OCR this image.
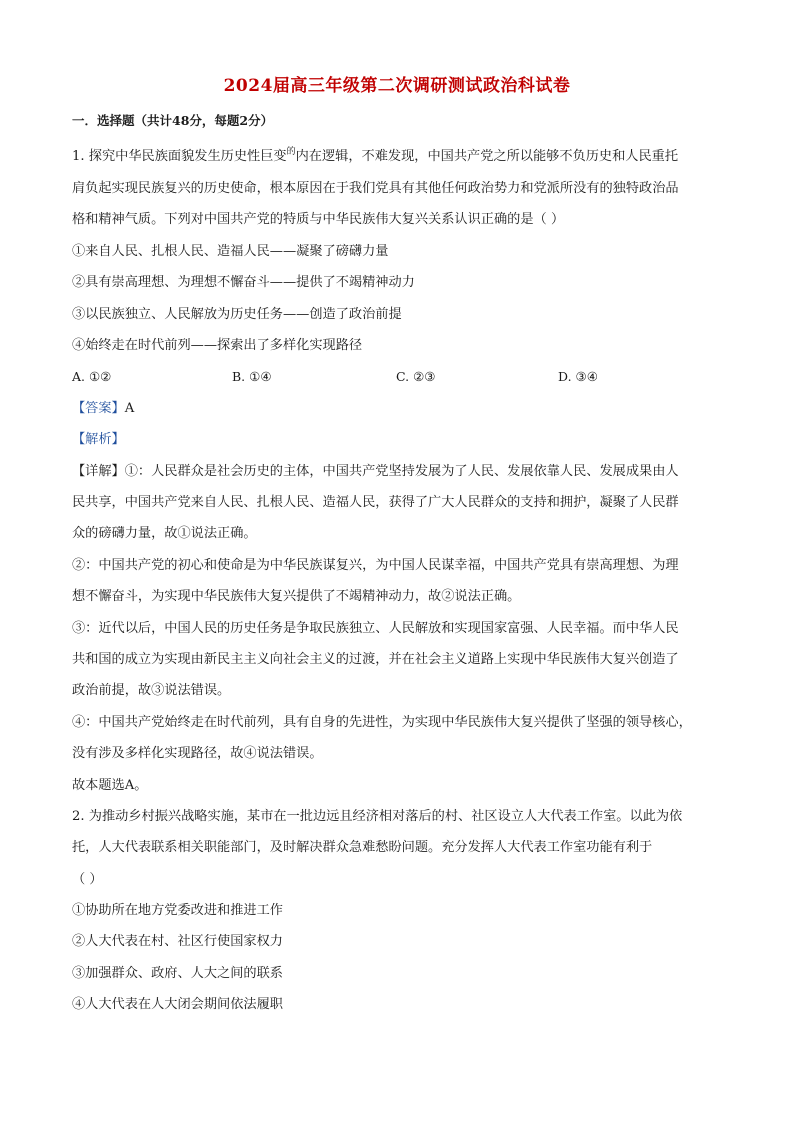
2024届高三年级第二次调研测试政治科试卷
一．选择题（共计48分，每题2分）
1. 探究中华民族面貌发生历史性巨变$^的$内在逻辑，不难发现，中国共产党之所以能够不负历史和人民重托
肩负起实现民族复兴的历史使命，根本原因在于我们党具有其他任何政治势力和党派所没有的独特政治品
格和精神气质。下列对中国共产党的特质与中华民族伟大复兴关系认识正确的是（ ）
①来自人民、扎根人民、造福人民——凝聚了磅礴力量
②具有崇高理想、为理想不懈奋斗——提供了不竭精神动力
③以民族独立、人民解放为历史任务——创造了政治前提
④始终走在时代前列——探索出了多样化实现路径
A. ①②	B. ①④	C. ②③	D. ③④
【答案】A
【解析】
【详解】①：人民群众是社会历史的主体，中国共产党坚持发展为了人民、发展依靠人民、发展成果由人
民共享，中国共产党来自人民、扎根人民、造福人民，获得了广大人民群众的支持和拥护，凝聚了人民群
众的磅礴力量，故①说法正确。
②：中国共产党的初心和使命是为中华民族谋复兴，为中国人民谋幸福，中国共产党具有崇高理想、为理
想不懈奋斗，为实现中华民族伟大复兴提供了不竭精神动力，故②说法正确。
③：近代以后，中国人民的历史任务是争取民族独立、人民解放和实现国家富强、人民幸福。而中华人民
共和国的成立为实现由新民主主义向社会主义的过渡，并在社会主义道路上实现中华民族伟大复兴创造了
政治前提，故③说法错误。
④：中国共产党始终走在时代前列，具有自身的先进性，为实现中华民族伟大复兴提供了坚强的领导核心，
没有涉及多样化实现路径，故④说法错误。
故本题选A。
2. 为推动乡村振兴战略实施，某市在一批边远且经济相对落后的村、社区设立人大代表工作室。以此为依
托，人大代表联系相关职能部门，及时解决群众急难愁盼问题。充分发挥人大代表工作室功能有利于
（ ）
①协助所在地方党委改进和推进工作
②人大代表在村、社区行使国家权力
③加强群众、政府、人大之间的联系
④人大代表在人大闭会期间依法履职
